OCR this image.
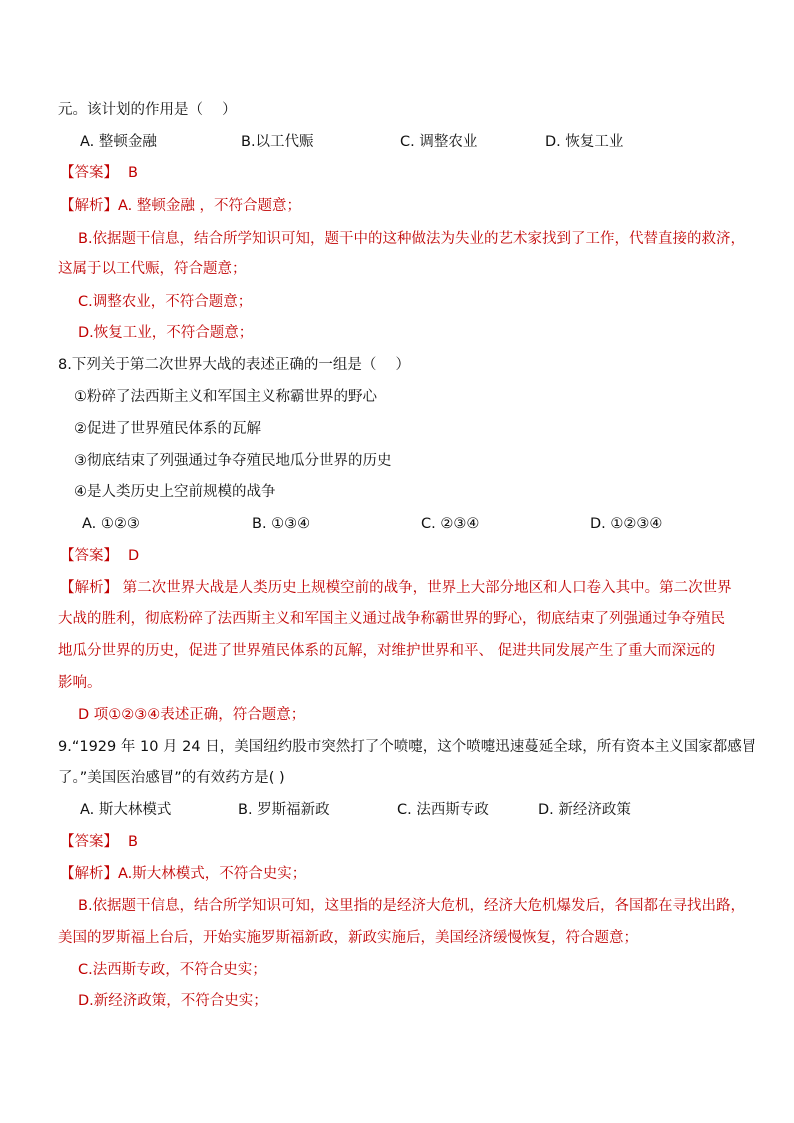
元。该计划的作用是（　 ）
A. 整顿金融	B.以工代赈	C. 调整农业	D. 恢复工业
【答案】 B
【解析】A. 整顿金融 ，不符合题意；
B.依据题干信息，结合所学知识可知，题干中的这种做法为失业的艺术家找到了工作，代替直接的救济，
这属于以工代赈，符合题意；
C.调整农业，不符合题意；
D.恢复工业，不符合题意；
8.下列关于第二次世界大战的表述正确的一组是（　 ）
①粉碎了法西斯主义和军国主义称霸世界的野心
②促进了世界殖民体系的瓦解
③彻底结束了列强通过争夺殖民地瓜分世界的历史
④是人类历史上空前规模的战争
A. ①②③	B. ①③④	C. ②③④	D. ①②③④
【答案】 D
【解析】 第二次世界大战是人类历史上规模空前的战争，世界上大部分地区和人口卷入其中。第二次世界
大战的胜利，彻底粉碎了法西斯主义和军国主义通过战争称霸世界的野心，彻底结束了列强通过争夺殖民
地瓜分世界的历史，促进了世界殖民体系的瓦解，对维护世界和平、 促进共同发展产生了重大而深远的
影响。
D 项①②③④表述正确，符合题意；
9.“1929 年 10 月 24 日，美国纽约股市突然打了个喷嚏，这个喷嚏迅速蔓延全球，所有资本主义国家都感冒
了。”美国医治感冒”的有效药方是( )
A. 斯大林模式	B. 罗斯福新政	C. 法西斯专政	D. 新经济政策
【答案】 B
【解析】A.斯大林模式，不符合史实；
B.依据题干信息，结合所学知识可知，这里指的是经济大危机，经济大危机爆发后，各国都在寻找出路，
美国的罗斯福上台后，开始实施罗斯福新政，新政实施后，美国经济缓慢恢复，符合题意；
C.法西斯专政，不符合史实；
D.新经济政策，不符合史实；
